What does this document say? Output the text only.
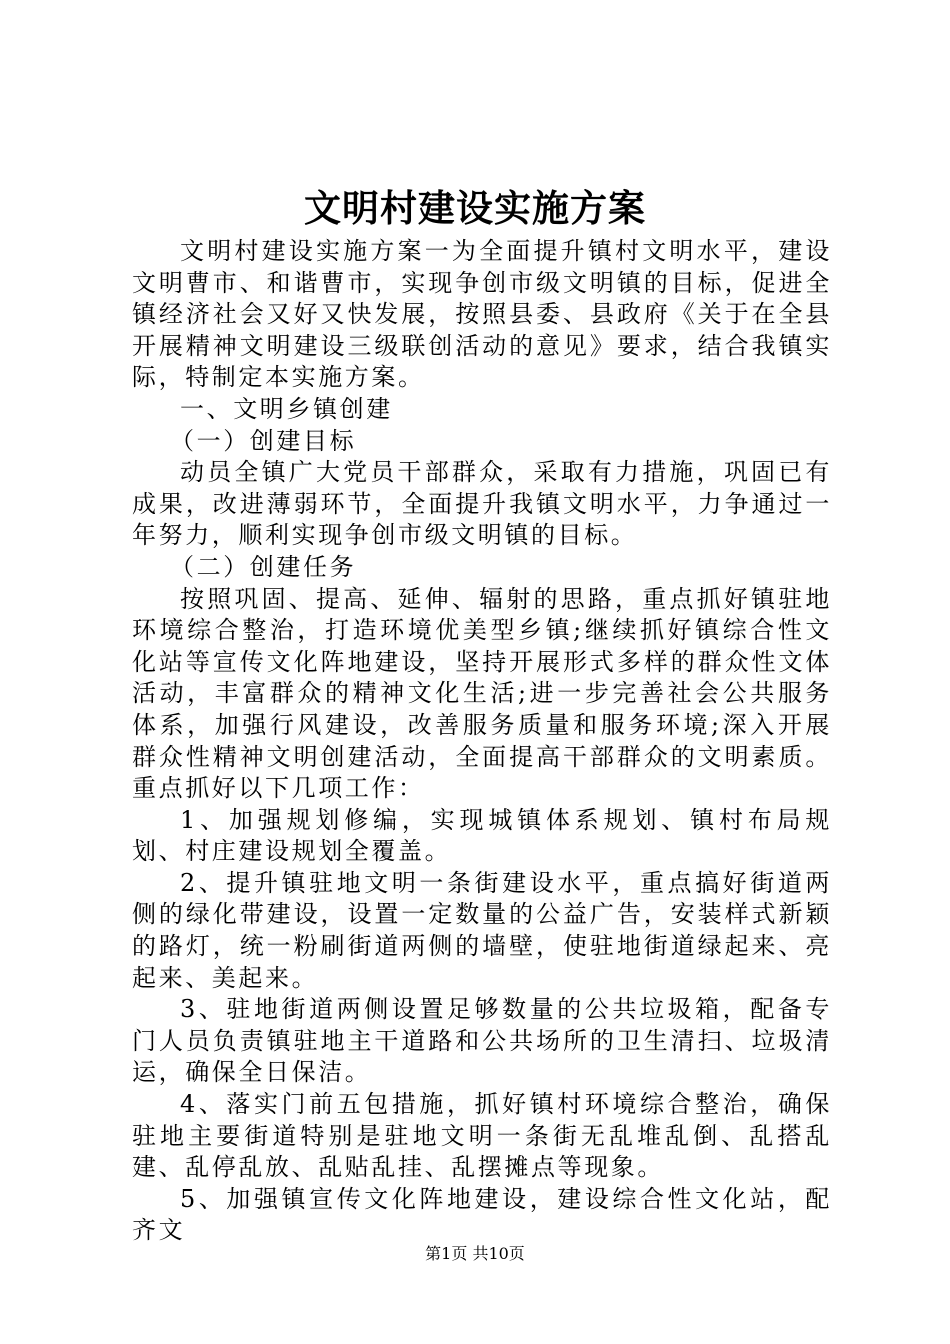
文明村建设实施方案

文明村建设实施方案一为全面提升镇村文明水平，建设文明曹市、和谐曹市，实现争创市级文明镇的目标，促进全镇经济社会又好又快发展，按照县委、县政府《关于在全县开展精神文明建设三级联创活动的意见》要求，结合我镇实际，特制定本实施方案。

一、文明乡镇创建

（一）创建目标

动员全镇广大党员干部群众，采取有力措施，巩固已有成果，改进薄弱环节，全面提升我镇文明水平，力争通过一年努力，顺利实现争创市级文明镇的目标。

（二）创建任务

按照巩固、提高、延伸、辐射的思路，重点抓好镇驻地环境综合整治，打造环境优美型乡镇;继续抓好镇综合性文化站等宣传文化阵地建设，坚持开展形式多样的群众性文体活动，丰富群众的精神文化生活;进一步完善社会公共服务体系，加强行风建设，改善服务质量和服务环境;深入开展群众性精神文明创建活动，全面提高干部群众的文明素质。重点抓好以下几项工作：

1、加强规划修编，实现城镇体系规划、镇村布局规划、村庄建设规划全覆盖。

2、提升镇驻地文明一条街建设水平，重点搞好街道两侧的绿化带建设，设置一定数量的公益广告，安装样式新颖的路灯，统一粉刷街道两侧的墙壁，使驻地街道绿起来、亮起来、美起来。

3、驻地街道两侧设置足够数量的公共垃圾箱，配备专门人员负责镇驻地主干道路和公共场所的卫生清扫、垃圾清运，确保全日保洁。

4、落实门前五包措施，抓好镇村环境综合整治，确保驻地主要街道特别是驻地文明一条街无乱堆乱倒、乱搭乱建、乱停乱放、乱贴乱挂、乱摆摊点等现象。

5、加强镇宣传文化阵地建设，建设综合性文化站，配齐文

第1页 共10页
